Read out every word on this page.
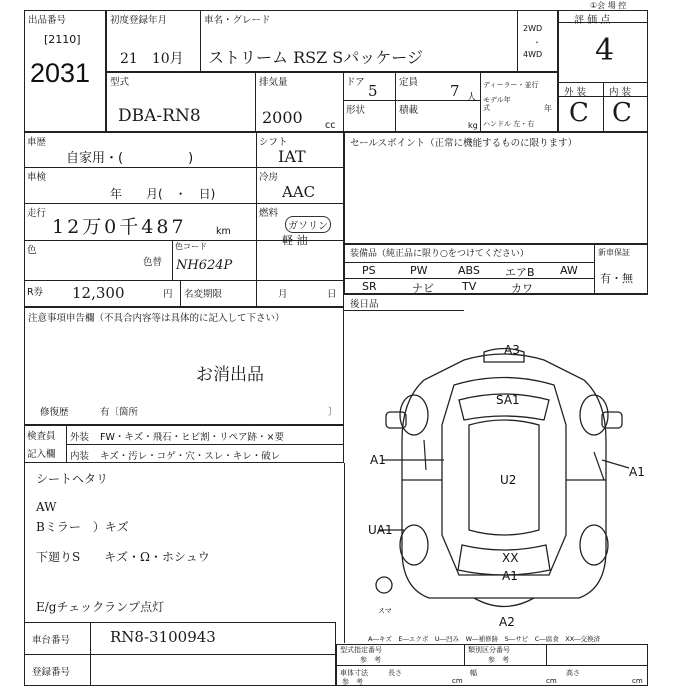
出品番号
[2110]
2031
初度登録年月
21　10月
車名・グレード
ストリーム RSZ Sパッケージ
2WD
・
4WD
①会 場 控
評 価 点
4
外 装 内 装
C C
型式
DBA-RN8
排気量
2000 cc
ドア 5 定員 7 人
形状	積載
kg
ディーラー・並行
モデル年式	年
ハンドル 左・右
車歴
自家用・(　　　　　)
シフト
IAT
車検
年　　月(　・　日)
冷房
AAC
走行
12万0千487	km
燃料
ガソリン
軽 油
色
色替
色コード
NH624P
R券 12,300	円 名変期限	月	日
注意事項申告欄（不具合内容等は具体的に記入して下さい）
お消出品
修復歴	有〔箇所	〕
検査員
記入欄
外装 FW・キズ・飛石・ヒビ割・リペア跡・×要
内装 キズ・汚レ・コゲ・穴・スレ・キレ・破レ
シートヘタリ
AW
Bミラー　）キズ
下廻りS　　キズ・Ω・ホシュウ
E/gチェックランプ点灯
セールスポイント（正常に機能するものに限ります）
装備品（純正品に限り○をつけてください）	新車保証
有・無
PS	PW	ABS エアB AW
SR	ナビ	TV	カワ
後日品
A3
SA1
A1
A1
U2
UA1
XX
A1
A2
スマ
A―キズ　E―エクボ　U―凹み　W―補修跡　S―サビ　C―腐食　XX―交換済
車台番号	RN8-3100943
登録番号
型式指定番号
参　考
類別区分番号
参　考
車体寸法
参　考
長さ
cm
幅
cm
高さ
cm
